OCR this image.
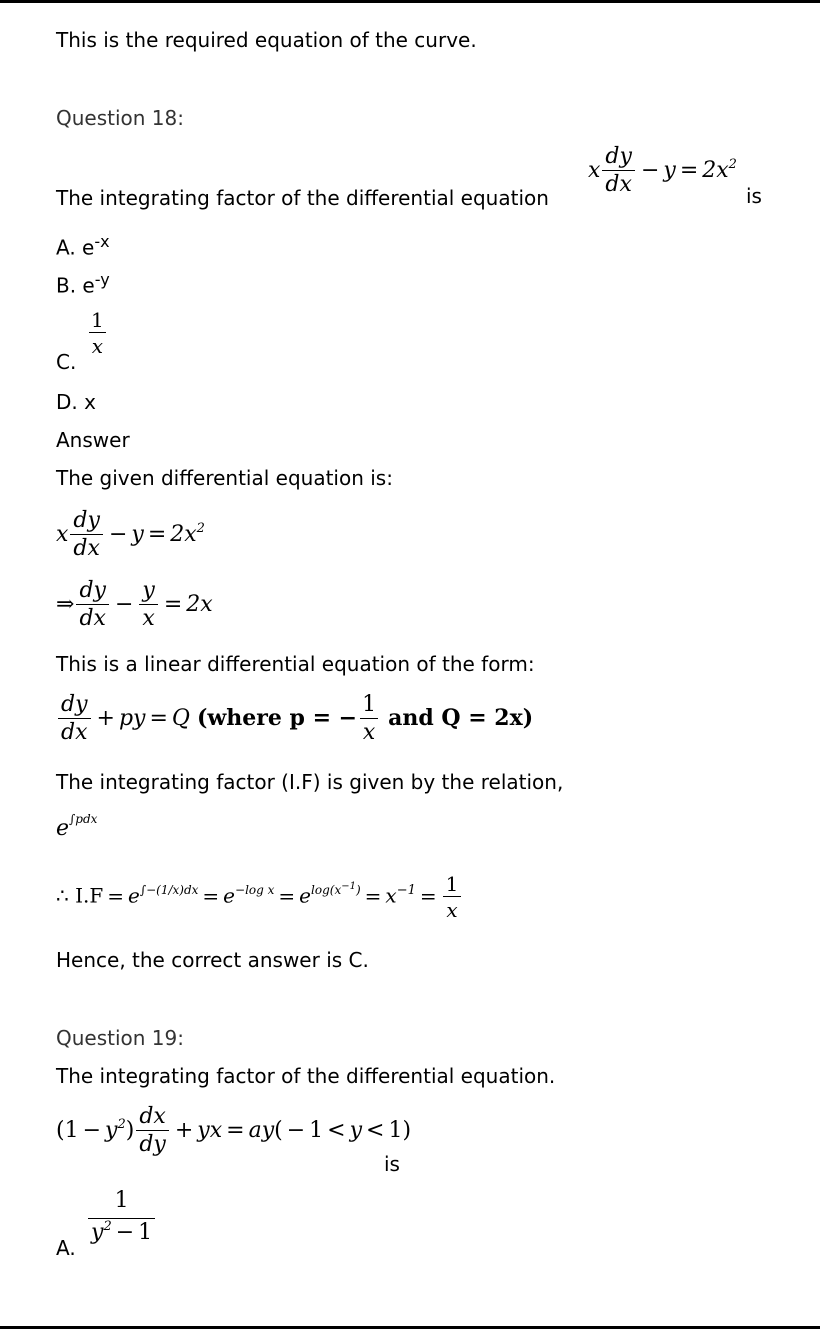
This is the required equation of the curve.
Question 18:
x $\frac{dy}{dx} - y = 2x^2$
The integrating factor of the differential equation	is
A. $e^{-x}$
B. $e^{-y}$
$\frac{1}{x}$
C.
D. x
Answer
The given differential equation is:
x $\frac{dy}{dx} - y = 2x^2$
⇒ $\frac{dy}{dx} - \frac{y}{x} = 2x$
This is a linear differential equation of the form:
$\frac{dy}{dx}$ + py = Q (where p = − $\frac{1}{x}$ and Q = 2x)
The integrating factor (I.F) is given by the relation,
$e^{\int pdx}$
∴ $I.F = e^{\int-(1/x)dx} = e^{-log x} = e^{log(x^{-1})} = x^{-1} = \frac{1}{x}$
Hence, the correct answer is C.
Question 19:
The integrating factor of the differential equation.
$(1 - y^2) \frac{dx}{dy}$ + yx = ay( − 1 < y < 1)
is
$\frac{1}{y^2 - 1}$
A.
